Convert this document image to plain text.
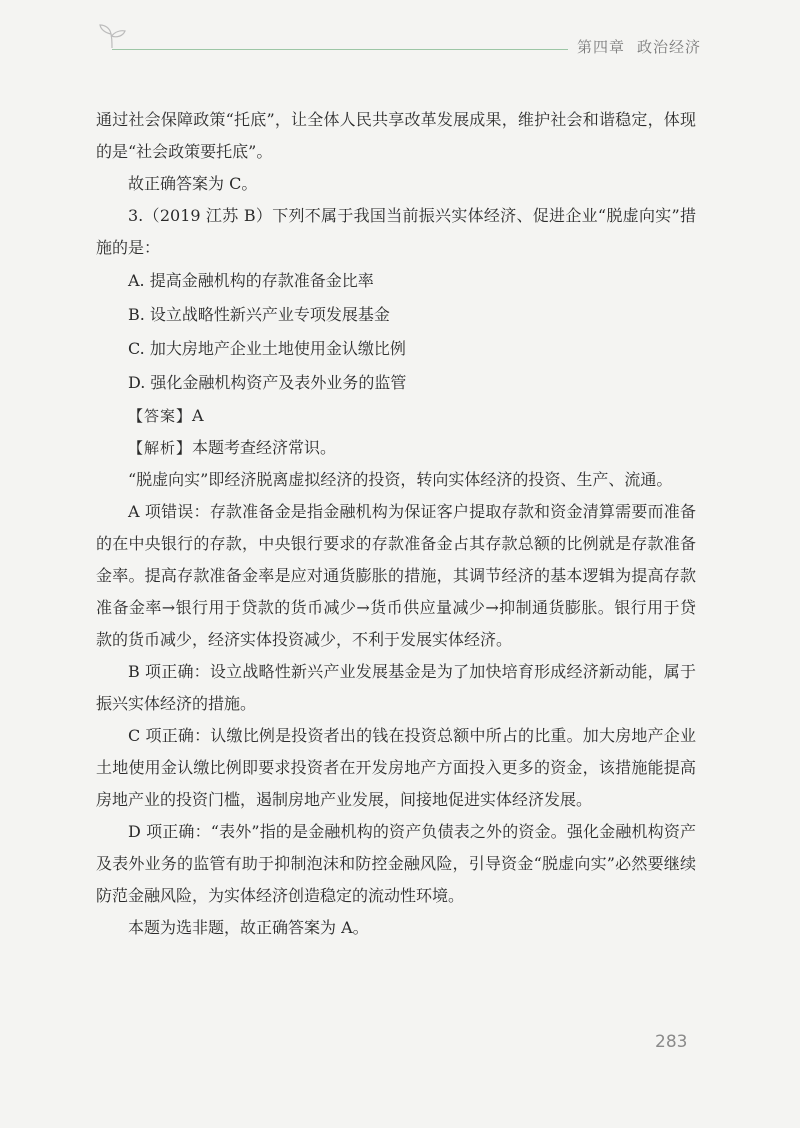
第四章 政治经济

通过社会保障政策“托底”，让全体人民共享改革发展成果，维护社会和谐稳定，体现的是“社会政策要托底”。

故正确答案为 C。

3.（2019 江苏 B）下列不属于我国当前振兴实体经济、促进企业“脱虚向实”措施的是：

A. 提高金融机构的存款准备金比率

B. 设立战略性新兴产业专项发展基金

C. 加大房地产企业土地使用金认缴比例

D. 强化金融机构资产及表外业务的监管

【答案】A

【解析】本题考查经济常识。

“脱虚向实”即经济脱离虚拟经济的投资，转向实体经济的投资、生产、流通。

A 项错误：存款准备金是指金融机构为保证客户提取存款和资金清算需要而准备的在中央银行的存款，中央银行要求的存款准备金占其存款总额的比例就是存款准备金率。提高存款准备金率是应对通货膨胀的措施，其调节经济的基本逻辑为提高存款准备金率→银行用于贷款的货币减少→货币供应量减少→抑制通货膨胀。银行用于贷款的货币减少，经济实体投资减少，不利于发展实体经济。

B 项正确：设立战略性新兴产业发展基金是为了加快培育形成经济新动能，属于振兴实体经济的措施。

C 项正确：认缴比例是投资者出的钱在投资总额中所占的比重。加大房地产企业土地使用金认缴比例即要求投资者在开发房地产方面投入更多的资金，该措施能提高房地产业的投资门槛，遏制房地产业发展，间接地促进实体经济发展。

D 项正确：“表外”指的是金融机构的资产负债表之外的资金。强化金融机构资产及表外业务的监管有助于抑制泡沫和防控金融风险，引导资金“脱虚向实”必然要继续防范金融风险，为实体经济创造稳定的流动性环境。

本题为选非题，故正确答案为 A。

283
